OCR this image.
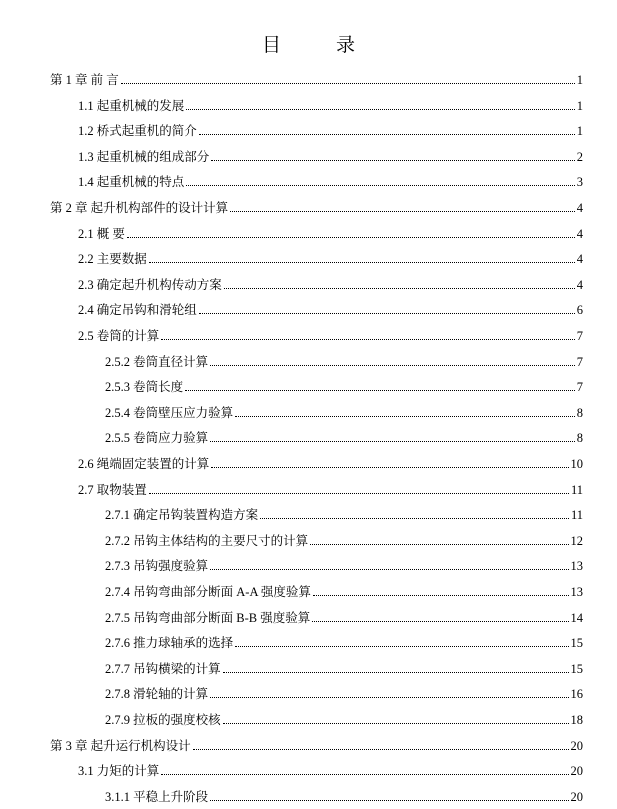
目　录
第 1 章 前 言	1
1.1 起重机械的发展	1
1.2 桥式起重机的简介	1
1.3 起重机械的组成部分	2
1.4 起重机械的特点	3
第 2 章 起升机构部件的设计计算	4
2.1 概 要	4
2.2 主要数据	4
2.3 确定起升机构传动方案	4
2.4 确定吊钩和滑轮组	6
2.5 卷筒的计算	7
2.5.2 卷筒直径计算	7
2.5.3 卷筒长度	7
2.5.4 卷筒壁压应力验算	8
2.5.5 卷筒应力验算	8
2.6 绳端固定装置的计算	10
2.7 取物装置	11
2.7.1 确定吊钩装置构造方案	11
2.7.2 吊钩主体结构的主要尺寸的计算	12
2.7.3 吊钩强度验算	13
2.7.4 吊钩弯曲部分断面 A-A 强度验算	13
2.7.5 吊钩弯曲部分断面 B-B 强度验算	14
2.7.6 推力球轴承的选择	15
2.7.7 吊钩横梁的计算	15
2.7.8 滑轮轴的计算	16
2.7.9 拉板的强度校核	18
第 3 章 起升运行机构设计	20
3.1 力矩的计算	20
3.1.1 平稳上升阶段	20
